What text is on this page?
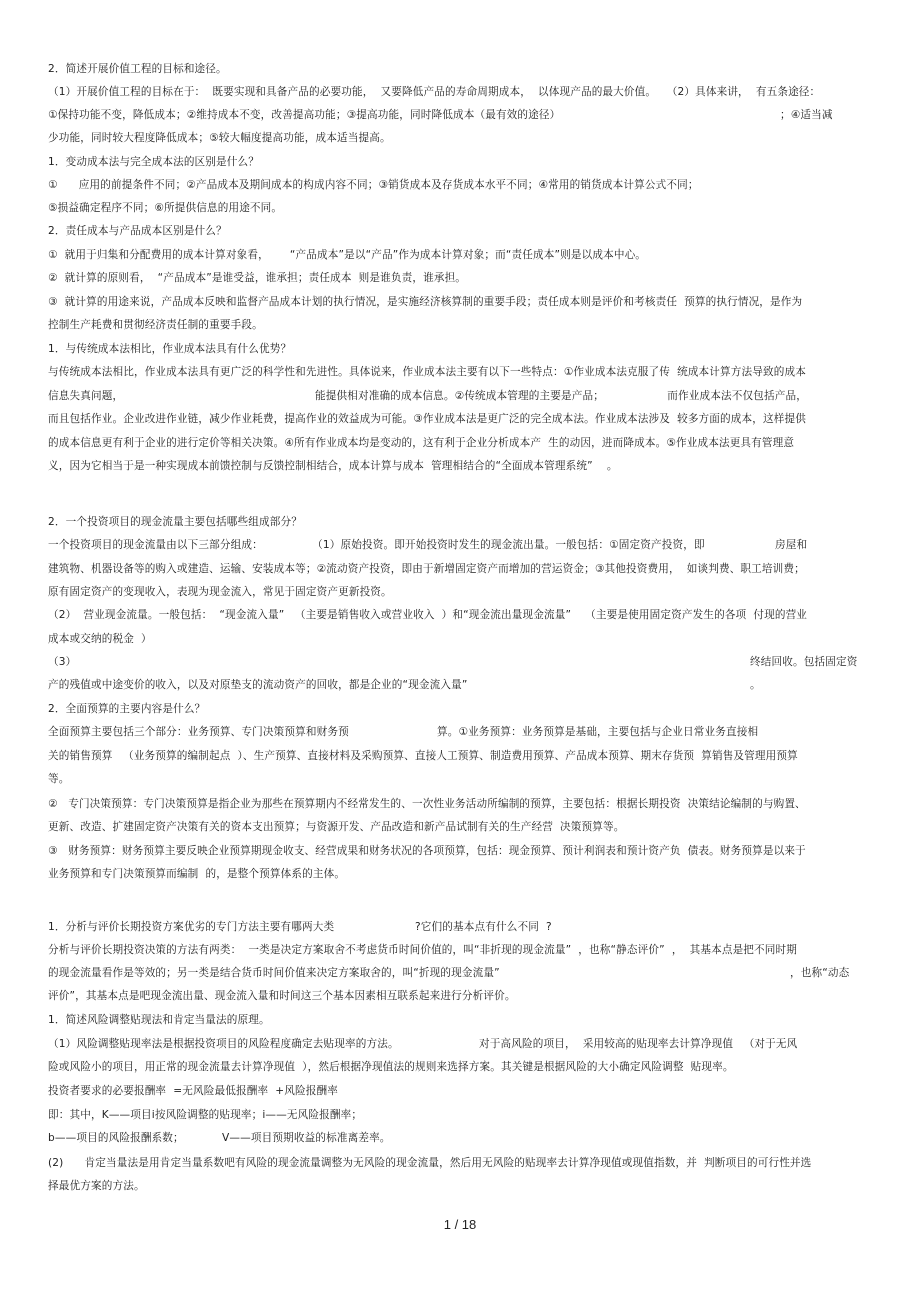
2．简述开展价值工程的目标和途径。
（1）开展价值工程的目标在于：  既要实现和具备产品的必要功能，  又要降低产品的寿命周期成本，  以体现产品的最大价值。   （2）具体来讲，  有五条途径：
①保持功能不变，降低成本；②维持成本不变，改善提高功能；③提高功能，同时降低成本（最有效的途径）	；④适当减
少功能，同时较大程度降低成本；⑤较大幅度提高功能，成本适当提高。
1．变动成本法与完全成本法的区别是什么？
①      应用的前提条件不同；②产品成本及期间成本的构成内容不同；③销货成本及存货成本水平不同；④常用的销货成本计算公式不同；
⑤损益确定程序不同；⑥所提供信息的用途不同。
2．责任成本与产品成本区别是什么？
①  就用于归集和分配费用的成本计算对象看，      “产品成本”是以“产品”作为成本计算对象；而“责任成本”则是以成本中心。
②  就计算的原则看，  “产品成本”是谁受益，谁承担；责任成本  则是谁负责，谁承担。
③  就计算的用途来说，产品成本反映和监督产品成本计划的执行情况，是实施经济核算制的重要手段；责任成本则是评价和考核责任  预算的执行情况，是作为
控制生产耗费和贯彻经济责任制的重要手段。
1．与传统成本法相比，作业成本法具有什么优势？
与传统成本法相比，作业成本法具有更广泛的科学性和先进性。具体说来，作业成本法主要有以下一些特点：①作业成本法克服了传  统成本计算方法导致的成本
信息失真问题，	能提供相对准确的成本信息。②传统成本管理的主要是产品；                  而作业成本法不仅包括产品，
而且包括作业。企业改进作业链，减少作业耗费，提高作业的效益成为可能。③作业成本法是更广泛的完全成本法。作业成本法涉及  较多方面的成本，这样提供
的成本信息更有利于企业的进行定价等相关决策。④所有作业成本均是变动的，这有利于企业分析成本产  生的动因，进而降成本。⑤作业成本法更具有管理意
义，因为它相当于是一种实现成本前馈控制与反馈控制相结合，成本计算与成本  管理相结合的“全面成本管理系统”    。
2．一个投资项目的现金流量主要包括哪些组成部分？
一个投资项目的现金流量由以下三部分组成：              （1）原始投资。即开始投资时发生的现金流出量。一般包括：①固定资产投资，即                    房屋和
建筑物、机器设备等的购入或建造、运输、安装成本等；②流动资产投资，即由于新增固定资产而增加的营运资金；③其他投资费用，  如谈判费、职工培训费；
原有固定资产的变现收入，表现为现金流入，常见于固定资产更新投资。
（2）  营业现金流量。一般包括：  “现金流入量”   （主要是销售收入或营业收入  ）和“现金流出量现金流量”    （主要是使用固定资产发生的各项  付现的营业
成本或交纳的税金  ）
（3）	终结回收。包括固定资
产的残值或中途变价的收入，以及对原垫支的流动资产的回收，都是企业的“现金流入量”	。
2．全面预算的主要内容是什么？
全面预算主要包括三个部分：业务预算、专门决策预算和财务预	算。①业务预算：业务预算是基础，主要包括与企业日常业务直接相
关的销售预算   （业务预算的编制起点  ）、生产预算、直接材料及采购预算、直接人工预算、制造费用预算、产品成本预算、期末存货预  算销售及管理用预算
等。
②   专门决策预算：专门决策预算是指企业为那些在预算期内不经常发生的、一次性业务活动所编制的预算，主要包括：根据长期投资  决策结论编制的与购置、
更新、改造、扩建固定资产决策有关的资本支出预算；与资源开发、产品改造和新产品试制有关的生产经营  决策预算等。
③   财务预算：财务预算主要反映企业预算期现金收支、经营成果和财务状况的各项预算，包括：现金预算、预计利润表和预计资产负  债表。财务预算是以来于
业务预算和专门决策预算而编制  的，是整个预算体系的主体。
1．分析与评价长期投资方案优劣的专门方法主要有哪两大类	?它们的基本点有什么不同  ?
分析与评价长期投资决策的方法有两类：  一类是决定方案取舍不考虑货币时间价值的，叫“非折现的现金流量”  ，也称“静态评价”  ，  其基本点是把不同时期
的现金流量看作是等效的；另一类是结合货币时间价值来决定方案取舍的，叫“折现的现金流量”	，也称“动态
评价”，其基本点是吧现金流出量、现金流入量和时间这三个基本因素相互联系起来进行分析评价。
1．简述风险调整贴现法和肯定当量法的原理。
（1）风险调整贴现率法是根据投资项目的风险程度确定去贴现率的方法。	对于高风险的项目，  采用较高的贴现率去计算净现值   （对于无风
险或风险小的项目，用正常的现金流量去计算净现值  ），然后根据净现值法的规则来选择方案。其关键是根据风险的大小确定风险调整  贴现率。
投资者要求的必要报酬率  =无风险最低报酬率  +风险报酬率
即：其中，K——项目i按风险调整的贴现率；i——无风险报酬率；
b——项目的风险报酬系数；	V——项目预期收益的标准离差率。
(2)      肯定当量法是用肯定当量系数吧有风险的现金流量调整为无风险的现金流量，然后用无风险的贴现率去计算净现值或现值指数，并  判断项目的可行性并选
择最优方案的方法。
1 / 18
